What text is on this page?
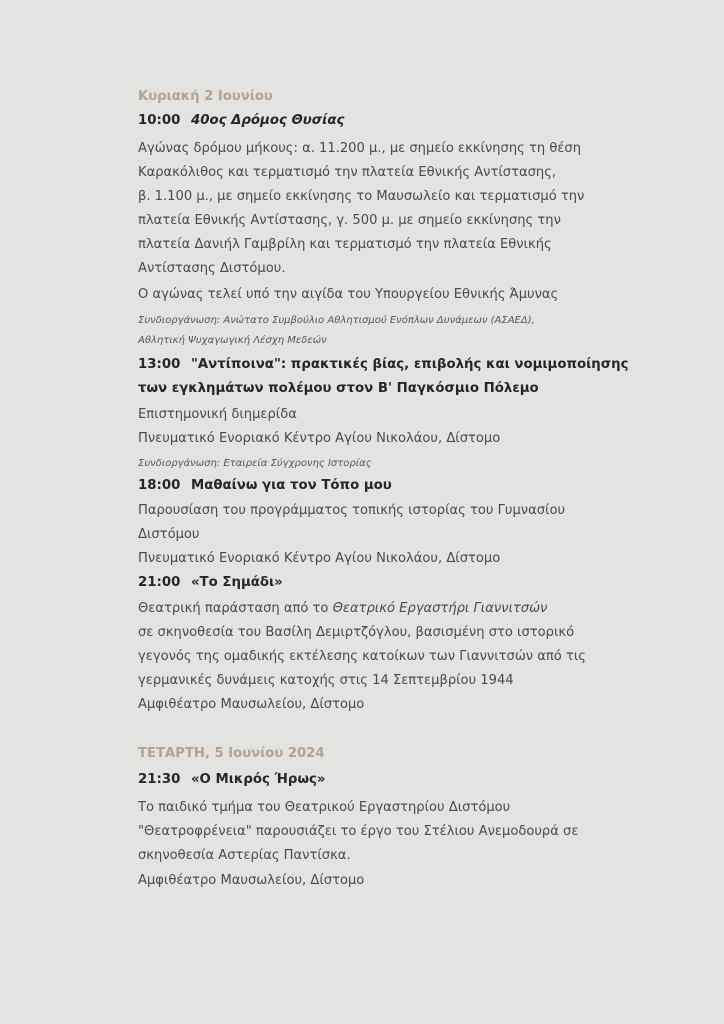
Κυριακή 2 Ιουνίου
10:00 40ος Δρόμος Θυσίας
Αγώνας δρόμου μήκους: α. 11.200 μ., με σημείο εκκίνησης τη θέση
Καρακόλιθος και τερματισμό την πλατεία Εθνικής Αντίστασης,
β. 1.100 μ., με σημείο εκκίνησης το Μαυσωλείο και τερματισμό την
πλατεία Εθνικής Αντίστασης, γ. 500 μ. με σημείο εκκίνησης την
πλατεία Δανιήλ Γαμβρίλη και τερματισμό την πλατεία Εθνικής
Αντίστασης Διστόμου.
Ο αγώνας τελεί υπό την αιγίδα του Υπουργείου Εθνικής Άμυνας
Συνδιοργάνωση: Ανώτατο Συμβούλιο Αθλητισμού Ενόπλων Δυνάμεων (ΑΣΑΕΔ),
Αθλητική Ψυχαγωγική Λέσχη Μεδεών
13:00 "Αντίποινα": πρακτικές βίας, επιβολής και νομιμοποίησης
των εγκλημάτων πολέμου στον Β' Παγκόσμιο Πόλεμο
Επιστημονική διημερίδα
Πνευματικό Ενοριακό Κέντρο Αγίου Νικολάου, Δίστομο
Συνδιοργάνωση: Εταιρεία Σύγχρονης Ιστορίας
18:00 Μαθαίνω για τον Τόπο μου
Παρουσίαση του προγράμματος τοπικής ιστορίας του Γυμνασίου
Διστόμου
Πνευματικό Ενοριακό Κέντρο Αγίου Νικολάου, Δίστομο
21:00 «Το Σημάδι»
Θεατρική παράσταση από το Θεατρικό Εργαστήρι Γιαννιτσών
σε σκηνοθεσία του Βασίλη Δεμιρτζόγλου, βασισμένη στο ιστορικό
γεγονός της ομαδικής εκτέλεσης κατοίκων των Γιαννιτσών από τις
γερμανικές δυνάμεις κατοχής στις 14 Σεπτεμβρίου 1944
Αμφιθέατρο Μαυσωλείου, Δίστομο
ΤΕΤΑΡΤΗ, 5 Ιουνίου 2024
21:30 «Ο Μικρός Ήρως»
Το παιδικό τμήμα του Θεατρικού Εργαστηρίου Διστόμου
"Θεατροφρένεια" παρουσιάζει το έργο του Στέλιου Ανεμοδουρά σε
σκηνοθεσία Αστερίας Παντίσκα.
Αμφιθέατρο Μαυσωλείου, Δίστομο
